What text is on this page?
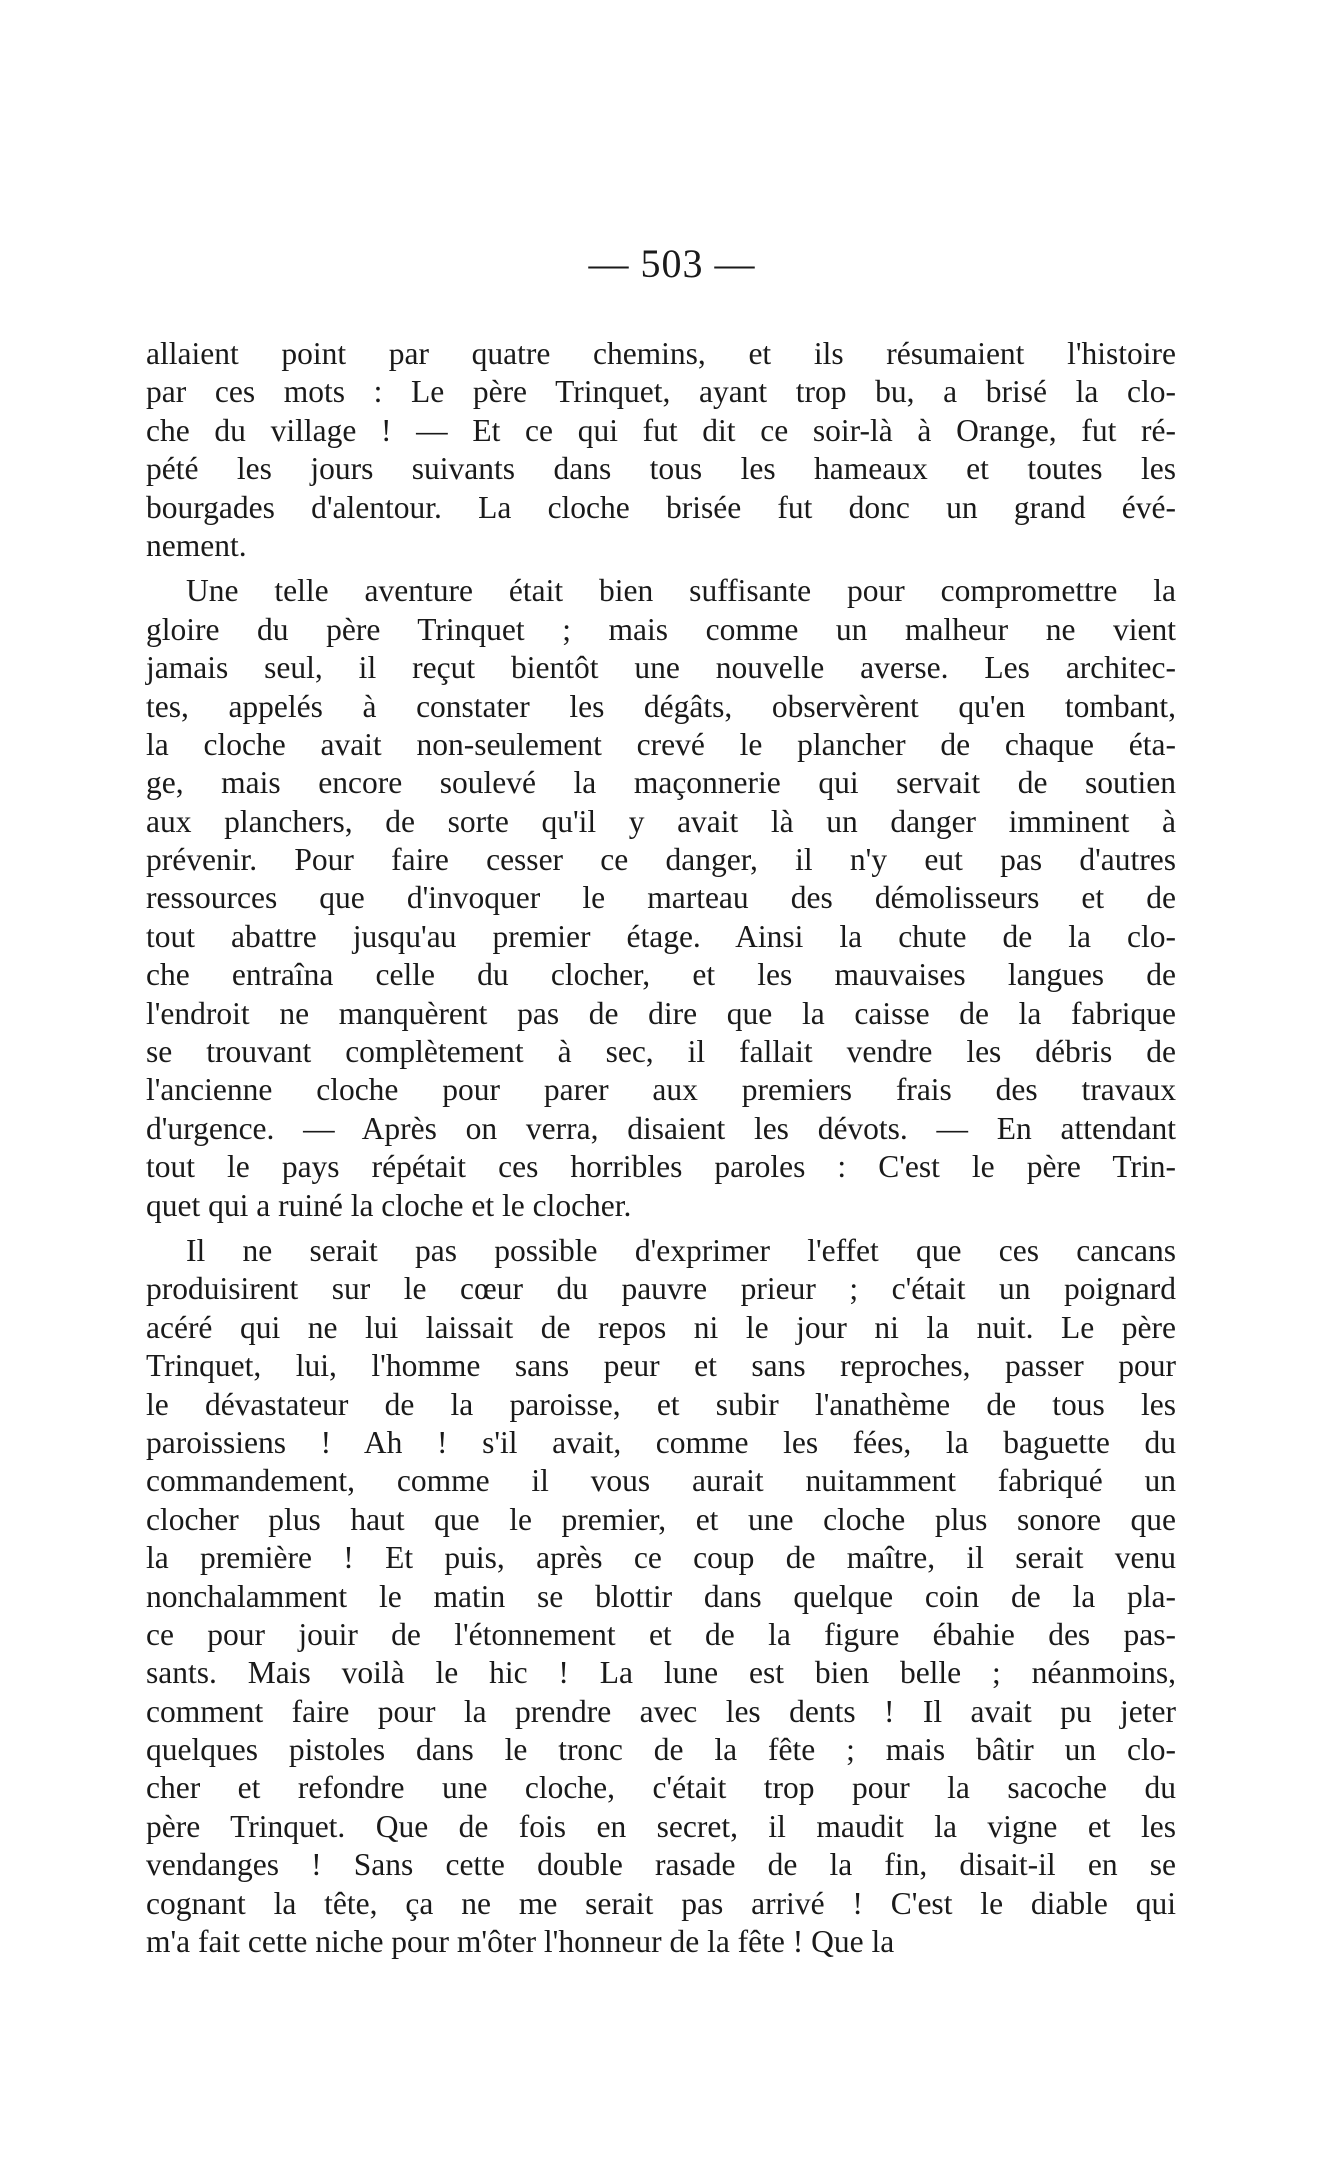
— 503 —
allaient point par quatre chemins, et ils résumaient l'histoire
par ces mots : Le père Trinquet, ayant trop bu, a brisé la clo-
che du village ! — Et ce qui fut dit ce soir-là à Orange, fut ré-
pété les jours suivants dans tous les hameaux et toutes les
bourgades d'alentour. La cloche brisée fut donc un grand évé-
nement.
Une telle aventure était bien suffisante pour compromettre la
gloire du père Trinquet ; mais comme un malheur ne vient
jamais seul, il reçut bientôt une nouvelle averse. Les architec-
tes, appelés à constater les dégâts, observèrent qu'en tombant,
la cloche avait non-seulement crevé le plancher de chaque éta-
ge, mais encore soulevé la maçonnerie qui servait de soutien
aux planchers, de sorte qu'il y avait là un danger imminent à
prévenir. Pour faire cesser ce danger, il n'y eut pas d'autres
ressources que d'invoquer le marteau des démolisseurs et de
tout abattre jusqu'au premier étage. Ainsi la chute de la clo-
che entraîna celle du clocher, et les mauvaises langues de
l'endroit ne manquèrent pas de dire que la caisse de la fabrique
se trouvant complètement à sec, il fallait vendre les débris de
l'ancienne cloche pour parer aux premiers frais des travaux
d'urgence. — Après on verra, disaient les dévots. — En attendant
tout le pays répétait ces horribles paroles : C'est le père Trin-
quet qui a ruiné la cloche et le clocher.
Il ne serait pas possible d'exprimer l'effet que ces cancans
produisirent sur le cœur du pauvre prieur ; c'était un poignard
acéré qui ne lui laissait de repos ni le jour ni la nuit. Le père
Trinquet, lui, l'homme sans peur et sans reproches, passer pour
le dévastateur de la paroisse, et subir l'anathème de tous les
paroissiens ! Ah ! s'il avait, comme les fées, la baguette du
commandement, comme il vous aurait nuitamment fabriqué un
clocher plus haut que le premier, et une cloche plus sonore que
la première ! Et puis, après ce coup de maître, il serait venu
nonchalamment le matin se blottir dans quelque coin de la pla-
ce pour jouir de l'étonnement et de la figure ébahie des pas-
sants. Mais voilà le hic ! La lune est bien belle ; néanmoins,
comment faire pour la prendre avec les dents ! Il avait pu jeter
quelques pistoles dans le tronc de la fête ; mais bâtir un clo-
cher et refondre une cloche, c'était trop pour la sacoche du
père Trinquet. Que de fois en secret, il maudit la vigne et les
vendanges ! Sans cette double rasade de la fin, disait-il en se
cognant la tête, ça ne me serait pas arrivé ! C'est le diable qui
m'a fait cette niche pour m'ôter l'honneur de la fête ! Que la
